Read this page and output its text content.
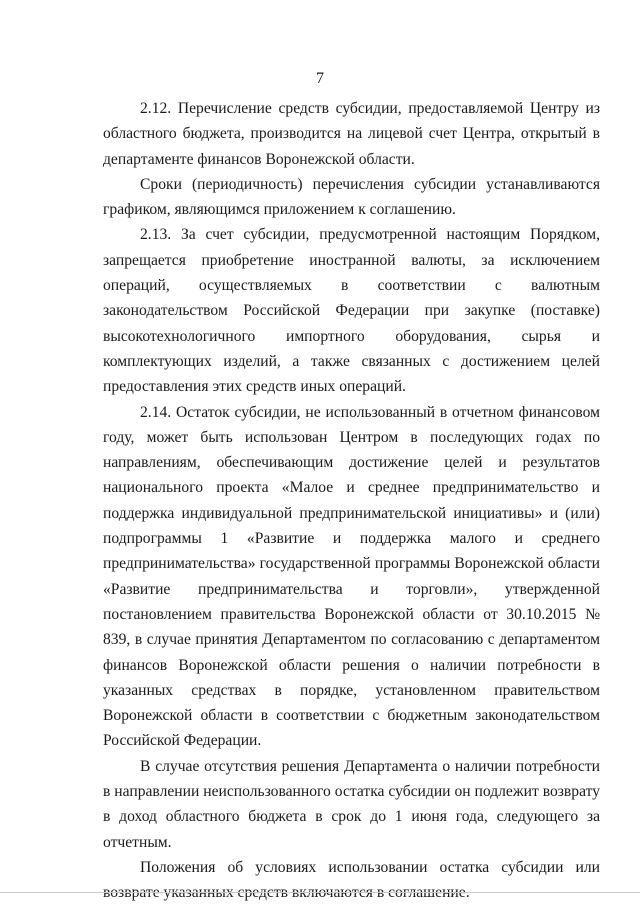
7

2.12. Перечисление средств субсидии, предоставляемой Центру из областного бюджета, производится на лицевой счет Центра, открытый в департаменте финансов Воронежской области.

Сроки (периодичность) перечисления субсидии устанавливаются графиком, являющимся приложением к соглашению.

2.13. За счет субсидии, предусмотренной настоящим Порядком, запрещается приобретение иностранной валюты, за исключением операций, осуществляемых в соответствии с валютным законодательством Российской Федерации при закупке (поставке) высокотехнологичного импортного оборудования, сырья и комплектующих изделий, а также связанных с достижением целей предоставления этих средств иных операций.

2.14. Остаток субсидии, не использованный в отчетном финансовом году, может быть использован Центром в последующих годах по направлениям, обеспечивающим достижение целей и результатов национального проекта «Малое и среднее предпринимательство и поддержка индивидуальной предпринимательской инициативы» и (или) подпрограммы 1 «Развитие и поддержка малого и среднего предпринимательства» государственной программы Воронежской области «Развитие предпринимательства и торговли», утвержденной постановлением правительства Воронежской области от 30.10.2015 № 839, в случае принятия Департаментом по согласованию с департаментом финансов Воронежской области решения о наличии потребности в указанных средствах в порядке, установленном правительством Воронежской области в соответствии с бюджетным законодательством Российской Федерации.

В случае отсутствия решения Департамента о наличии потребности в направлении неиспользованного остатка субсидии он подлежит возврату в доход областного бюджета в срок до 1 июня года, следующего за отчетным.

Положения об условиях использовании остатка субсидии или возврате указанных средств включаются в соглашение.
